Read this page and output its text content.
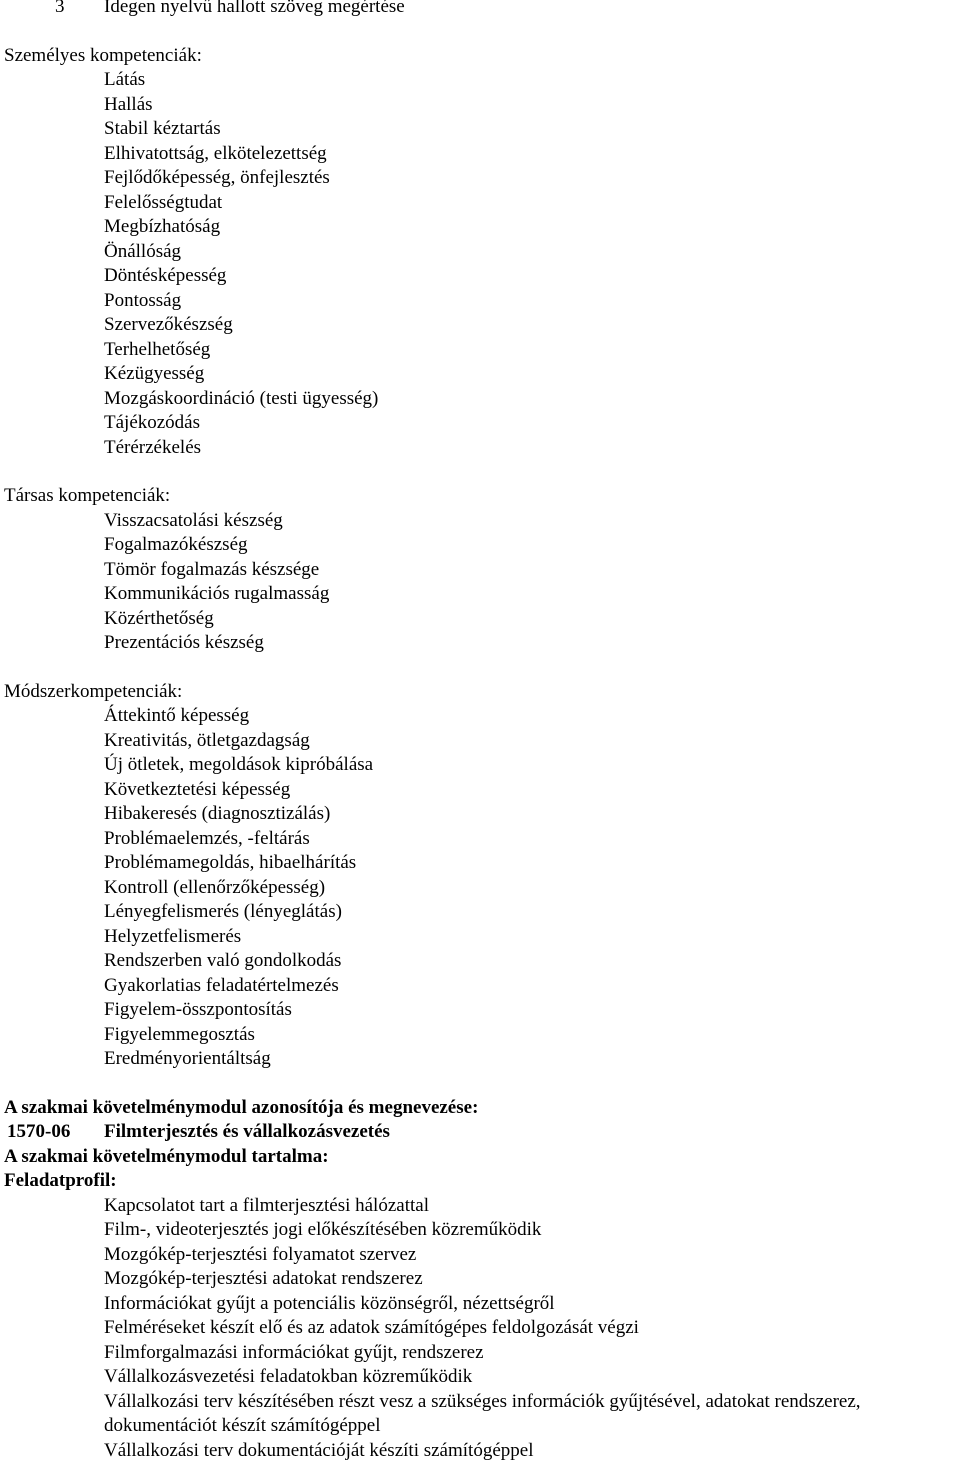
3 Idegen nyelvű hallott szöveg megértése
Személyes kompetenciák:
Látás
Hallás
Stabil kéztartás
Elhivatottság, elkötelezettség
Fejlődőképesség, önfejlesztés
Felelősségtudat
Megbízhatóság
Önállóság
Döntésképesség
Pontosság
Szervezőkészség
Terhelhetőség
Kézügyesség
Mozgáskoordináció (testi ügyesség)
Tájékozódás
Térérzékelés
Társas kompetenciák:
Visszacsatolási készség
Fogalmazókészség
Tömör fogalmazás készsége
Kommunikációs rugalmasság
Közérthetőség
Prezentációs készség
Módszerkompetenciák:
Áttekintő képesség
Kreativitás, ötletgazdagság
Új ötletek, megoldások kipróbálása
Következtetési képesség
Hibakeresés (diagnosztizálás)
Problémaelemzés, -feltárás
Problémamegoldás, hibaelhárítás
Kontroll (ellenőrzőképesség)
Lényegfelismerés (lényeglátás)
Helyzetfelismerés
Rendszerben való gondolkodás
Gyakorlatias feladatértelmezés
Figyelem-összpontosítás
Figyelemmegosztás
Eredményorientáltság
A szakmai követelménymodul azonosítója és megnevezése:
1570-06 Filmterjesztés és vállalkozásvezetés
A szakmai követelménymodul tartalma:
Feladatprofil:
Kapcsolatot tart a filmterjesztési hálózattal
Film-, videoterjesztés jogi előkészítésében közreműködik
Mozgókép-terjesztési folyamatot szervez
Mozgókép-terjesztési adatokat rendszerez
Információkat gyűjt a potenciális közönségről, nézettségről
Felméréseket készít elő és az adatok számítógépes feldolgozását végzi
Filmforgalmazási információkat gyűjt, rendszerez
Vállalkozásvezetési feladatokban közreműködik
Vállalkozási terv készítésében részt vesz a szükséges információk gyűjtésével, adatokat rendszerez, dokumentációt készít számítógéppel
Vállalkozási terv dokumentációját készíti számítógéppel
